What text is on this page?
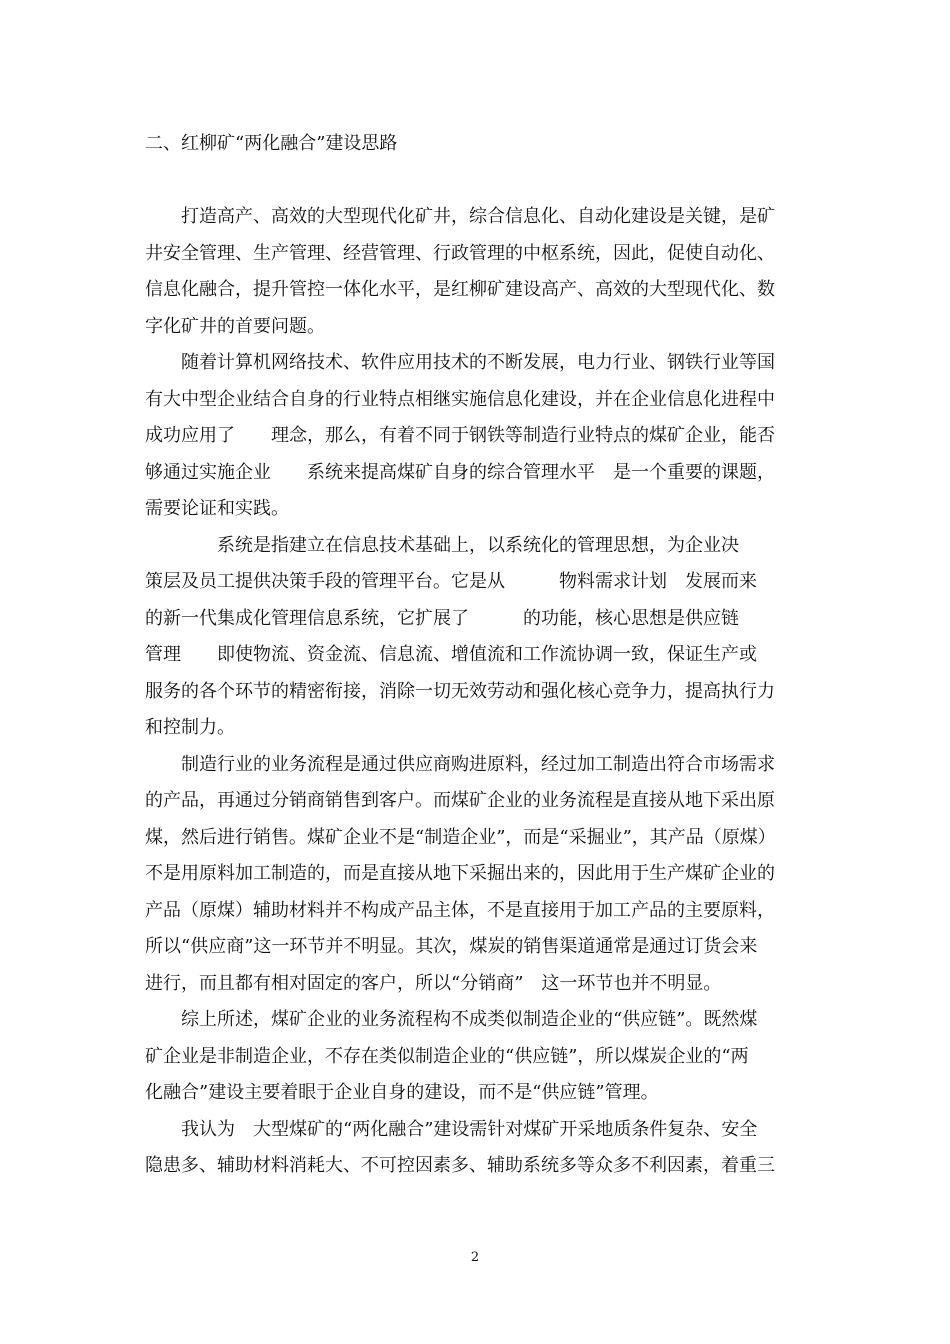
二、红柳矿“两化融合”建设思路
　　打造高产、高效的大型现代化矿井，综合信息化、自动化建设是关键，是矿
井安全管理、生产管理、经营管理、行政管理的中枢系统，因此，促使自动化、
信息化融合，提升管控一体化水平，是红柳矿建设高产、高效的大型现代化、数
字化矿井的首要问题。
　　随着计算机网络技术、软件应用技术的不断发展，电力行业、钢铁行业等国
有大中型企业结合自身的行业特点相继实施信息化建设，并在企业信息化进程中
成功应用了　　理念，那么，有着不同于钢铁等制造行业特点的煤矿企业，能否
够通过实施企业　　系统来提高煤矿自身的综合管理水平　是一个重要的课题，
需要论证和实践。
　　　　系统是指建立在信息技术基础上，以系统化的管理思想，为企业决
策层及员工提供决策手段的管理平台。它是从　　　物料需求计划　发展而来
的新一代集成化管理信息系统，它扩展了　　　的功能，核心思想是供应链
管理　　即使物流、资金流、信息流、增值流和工作流协调一致，保证生产或
服务的各个环节的精密衔接，消除一切无效劳动和强化核心竞争力，提高执行力
和控制力。
　　制造行业的业务流程是通过供应商购进原料，经过加工制造出符合市场需求
的产品，再通过分销商销售到客户。而煤矿企业的业务流程是直接从地下采出原
煤，然后进行销售。煤矿企业不是“制造企业”，而是“采掘业”，其产品（原煤）
不是用原料加工制造的，而是直接从地下采掘出来的，因此用于生产煤矿企业的
产品（原煤）辅助材料并不构成产品主体，不是直接用于加工产品的主要原料，
所以“供应商”这一环节并不明显。其次，煤炭的销售渠道通常是通过订货会来
进行，而且都有相对固定的客户，所以“分销商”　这一环节也并不明显。
　　综上所述，煤矿企业的业务流程构不成类似制造企业的“供应链”。既然煤
矿企业是非制造企业，不存在类似制造企业的“供应链”，所以煤炭企业的“两
化融合”建设主要着眼于企业自身的建设，而不是“供应链”管理。
　　我认为　大型煤矿的“两化融合”建设需针对煤矿开采地质条件复杂、安全
隐患多、辅助材料消耗大、不可控因素多、辅助系统多等众多不利因素，着重三
2
